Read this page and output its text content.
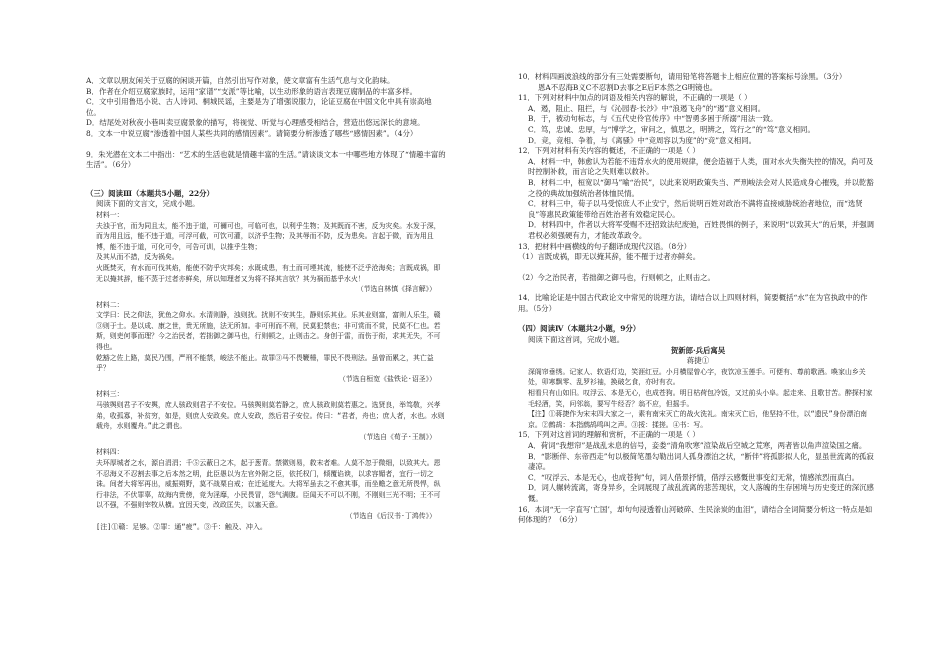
A．文章以朋友闲关于豆腐的闲谈开篇，自然引出写作对象，使文章富有生活气息与文化韵味。

B．作者在介绍豆腐家族时，运用“家谱”“支派”等比喻，以生动形象的语言表现豆腐制品的丰富多样。

C．文中引用鲁迅小说、古人诗词、桐城民谣，主要是为了增强说服力，论证豆腐在中国文化中具有崇高地位。

D．结尾处对秋夜小巷叫卖豆腐景象的描写，将视觉、听觉与心理感受相结合，营造出悠远深长的意境。

8．文本一中说豆腐“渗透着中国人某些共同的感情因素”。请简要分析渗透了哪些“感情因素”。（4分）

9．朱光潜在文本二中指出：“艺术的生活也就是情趣丰富的生活。”请谈谈文本一中哪些地方体现了“情趣丰富的生活”。（6分）

（三）阅读Ⅲ（本题共5小题，22分）

阅读下面的文言文，完成小题。

材料一：

夫浊于官，而为同且太，能不违于道，可禰可也，可临可也，以利乎生物；及其既而不害，反为灾矣。水发于深，而为用且远，能不违于道，可浮可截，可饮可灌，以济乎生物；及其辱而不防，反为患矣。言起于微，而为用且博，能不违于道，可化可令，可告可训，以推乎生物；

及其从而不措，反为祸矣。

火既焚灭，有水而可伐其焰，能使不防乎灾邦矣；水既成患，有土而可堙其流，能使不泛乎沧海矣；言既成祸，即无以掩其辞，能不蒸于过者亦鲜矣，所以知理者又为将不择其言欤？其为祸而基乎水火！

（节选自林慎《择言解》）

材料二：

文学曰：民之仰法，犹鱼之仰水。水清则静，浊则扰。扰则不安其生，静则乐其业。乐其业则富，富则人乐生，赣③则于士。是以成、康之世，贵无所施，法无所加。非可刑而不刑，民莫犯禁也；非可赏而不赏，民莫不仁也。若斯，则吏何事而理？今之治民者，若拙御之御马也，行则顿之，止则击之。身创于雷，而伤于衔，求其无失，不可得也。

乾豁之佐上路，莫民乃围，严刑不能禁，峻法不能止。故罪③马不畏鞭棰，罪民不畏刑法。虽曾而累之，其亡益乎？

（节选自桓宽《盐铁论·诏圣》）

材料三：

马骇舆则君子不安舆，庶人骇政则君子不安位。马骇舆则莫若静之，庶人骇政则莫若惠之。选贤良，举笃敬，兴孝弟，收孤寡，补贫穷，如是，则庶人安政矣。庶人安政，然后君子安位。传曰：“君者，舟也；庶人者，水也。水则载舟，水则覆舟。”此之谓也。

（节选自《荀子·王制》）

材料四：

夫环厚城者之水，源自涓涓；千⑤云蔽日之木，起于葱青。禁微则易，救末者难。人莫不忽于微细，以致其大。恩不忍海义不忍割去事之后本然之明，此臣愚以为左官外附之臣，依托权门，倾覆谄谀，以求容媚者，宜行一切之诛。间者大将军再出，威振朔野，莫不战栗自戒；在迁延度大。大将军虽去之不愈其事，而坐赡之意无所畏悍，纵行非法，不伏罪辜，故海内贵傍，竞为淫靡，小民畏冒，怨气满腹。臣闻天不可以不刚，不刚则三光不明；王不可以不强，不强则宰牧从横。宜因天变，改政匡失，以塞天意。

（节选自《后汉书·丁鸿传》）

[注]①赣：足够。②罪：通“疲”。③千：触及、冲入。

10．材料四画波浪线的部分有三处需要断句，请用铅笔将答题卡上相应位置的答案标号涂黑。（3分）

恩A不忍海B义C不忍割D去事之E后F本然之G明镜也。

11．下列对材料中加点的词语及相关内容的解说，不正确的一项是（ ）

A．遏，阻止、阻拦，与《沁园春·长沙》中“浪遏飞舟”的“遏”意义相同。

B．于，被动句标志，与《五代史伶官传序》中“智勇多困于所溺”用法一致。

C．笃，忠诚、忠厚，与“博学之，审问之，慎思之，明辨之，笃行之”的“笃”意义相同。

D．竞，竞相、争着，与《离骚》中“竞周容以为度”的“竞”意义相同。

12．下列对材料有关内容的概述，不正确的一项是（ ）

A．材料一中，韩愈认为若能不违背水火的使用规律，便会造福于人类，面对水火失衡失控的情况，尚可及时控制补救，而言论之失则难以救补。

B．材料二中，桓宽以“御马”喻“治民”，以此来说明政策失当、严刑峻法会对人民造成身心摧残，并以乾豁之役的典故加强统治者体恤民情。

C．材料三中，荀子以马受惊庶人不止安宁，然后说明百姓对政治不满将直接威胁统治者地位，而“选贤良”等惠民政策能带给百姓治者有效稳定民心。

D．材料四中，作者以大将军受赐不还招致法纪废弛，百姓畏惧的例子，来说明“以致其大”的后果，并强调君权必须强硬有力，才能改革政令。

13．把材料中画横线的句子翻译成现代汉语。（8分）

（1）言既成祸，即无以掩其辞，能不罹于过者亦鲜矣。

（2）今之治民者，若拙御之御马也，行则顿之，止则击之。

14．比喻论证是中国古代政论文中常见的说理方法，请结合以上四则材料，简要概括“水”在为官执政中的作用。（5分）

（四）阅读Ⅳ（本题共2小题，9分）

阅读下面这首词，完成小题。

贺新郎·兵后寓吴

蒋捷①

深阁帘垂绣。记家人、软语灯边，笑涯红豆。小月横屋曾心字，夜饮凉玉莲手。可便有、尊前歌酒。喚家山乡关处，卯寒飘零、乱罗衫袖，换破乞食，亦时有衣。

相看只有山如旧。叹浮云、本是无心，也成苍狗。明日枯荷包冷饭，又过前头小阜。起走来、且歌甘苦。醉探村家毛轻酒，笑，问邻翁，要写牛经否？翁不应，但摇手。

【注】①蒋捷作为宋末四大家之一，素有南宋灭亡的战火洗礼。南宋灭亡后，他坚持不仕，以“遗民”身份漂泊南京。②鹧鸪：本指鹧鸪鸣叫之声。③挼：揉搓。④书：写。

15．下列对这首词的理解和赏析，不正确的一项是（ ）

A．荷词“我想帘”是战乱未息的信号，妾娄“清角吹寒”渲染战后空城之荒寒，两者皆以角声渲染国之痛。

B．“影断伴、东帝西走”句以极简笔墨勾勒出词人孤身漂泊之状，“断伴”将孤影拟人化，显虽世流离的孤寂凄凉。

C．“叹浮云、本是无心，也成苍狗”句，词人借景抒情，借浮云感慨世事变幻无常，情感浓烈而真白。

D．词人辗转流离，寄身异乡，全词展现了战乱流离的悲苦现状，文人落魄的生存困境与历史变迁的深沉感慨。

16．本词“无一字直写‘亡国’，却句句浸透着山河破碎、生民涂炭的血泪”，请结合全词简要分析这一特点是如何体现的？（6分）
